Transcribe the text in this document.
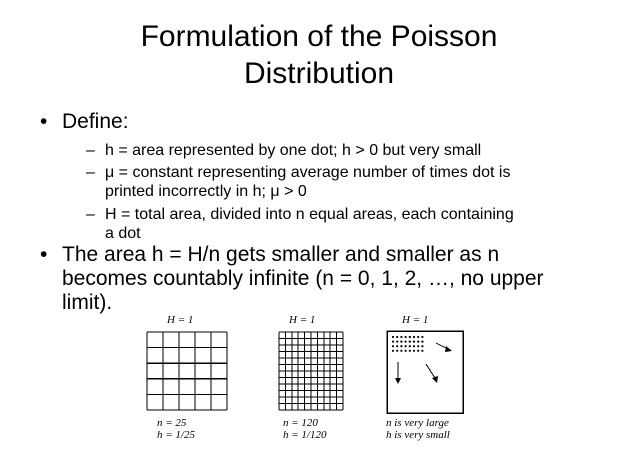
Formulation of the Poisson
Distribution
• Define:
– h = area represented by one dot; h > 0 but very small
– μ = constant representing average number of times dot is
printed incorrectly in h; μ > 0
– H = total area, divided into n equal areas, each containing
a dot
• The area h = H/n gets smaller and smaller as n
becomes countably infinite (n = 0, 1, 2, …, no upper
limit).
H = 1
n = 25
h = 1/25
H = 1
n = 120
h = 1/120
H = 1
n is very large
h is very small
